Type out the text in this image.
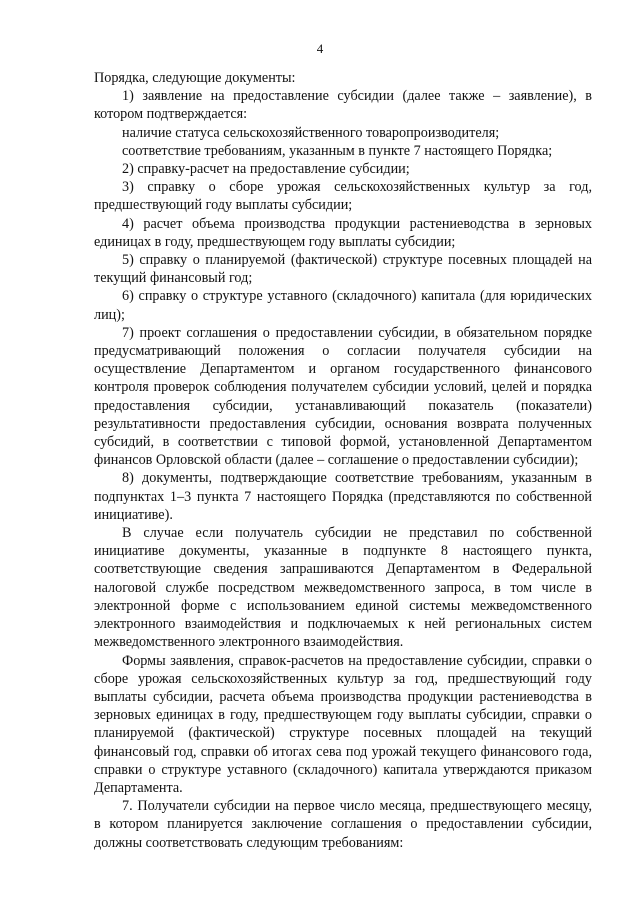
4

Порядка, следующие документы:

1) заявление на предоставление субсидии (далее также – заявление), в котором подтверждается:

наличие статуса сельскохозяйственного товаропроизводителя;

соответствие требованиям, указанным в пункте 7 настоящего Порядка;

2) справку-расчет на предоставление субсидии;

3) справку о сборе урожая сельскохозяйственных культур за год, предшествующий году выплаты субсидии;

4) расчет объема производства продукции растениеводства в зерновых единицах в году, предшествующем году выплаты субсидии;

5) справку о планируемой (фактической) структуре посевных площадей на текущий финансовый год;

6) справку о структуре уставного (складочного) капитала (для юридических лиц);

7) проект соглашения о предоставлении субсидии, в обязательном порядке предусматривающий положения о согласии получателя субсидии на осуществление Департаментом и органом государственного финансового контроля проверок соблюдения получателем субсидии условий, целей и порядка предоставления субсидии, устанавливающий показатель (показатели) результативности предоставления субсидии, основания возврата полученных субсидий, в соответствии с типовой формой, установленной Департаментом финансов Орловской области (далее – соглашение о предоставлении субсидии);

8) документы, подтверждающие соответствие требованиям, указанным в подпунктах 1–3 пункта 7 настоящего Порядка (представляются по собственной инициативе).

В случае если получатель субсидии не представил по собственной инициативе документы, указанные в подпункте 8 настоящего пункта, соответствующие сведения запрашиваются Департаментом в Федеральной налоговой службе посредством межведомственного запроса, в том числе в электронной форме с использованием единой системы межведомственного электронного взаимодействия и подключаемых к ней региональных систем межведомственного электронного взаимодействия.

Формы заявления, справок-расчетов на предоставление субсидии, справки о сборе урожая сельскохозяйственных культур за год, предшествующий году выплаты субсидии, расчета объема производства продукции растениеводства в зерновых единицах в году, предшествующем году выплаты субсидии, справки о планируемой (фактической) структуре посевных площадей на текущий финансовый год, справки об итогах сева под урожай текущего финансового года, справки о структуре уставного (складочного) капитала утверждаются приказом Департамента.

7. Получатели субсидии на первое число месяца, предшествующего месяцу, в котором планируется заключение соглашения о предоставлении субсидии, должны соответствовать следующим требованиям:
